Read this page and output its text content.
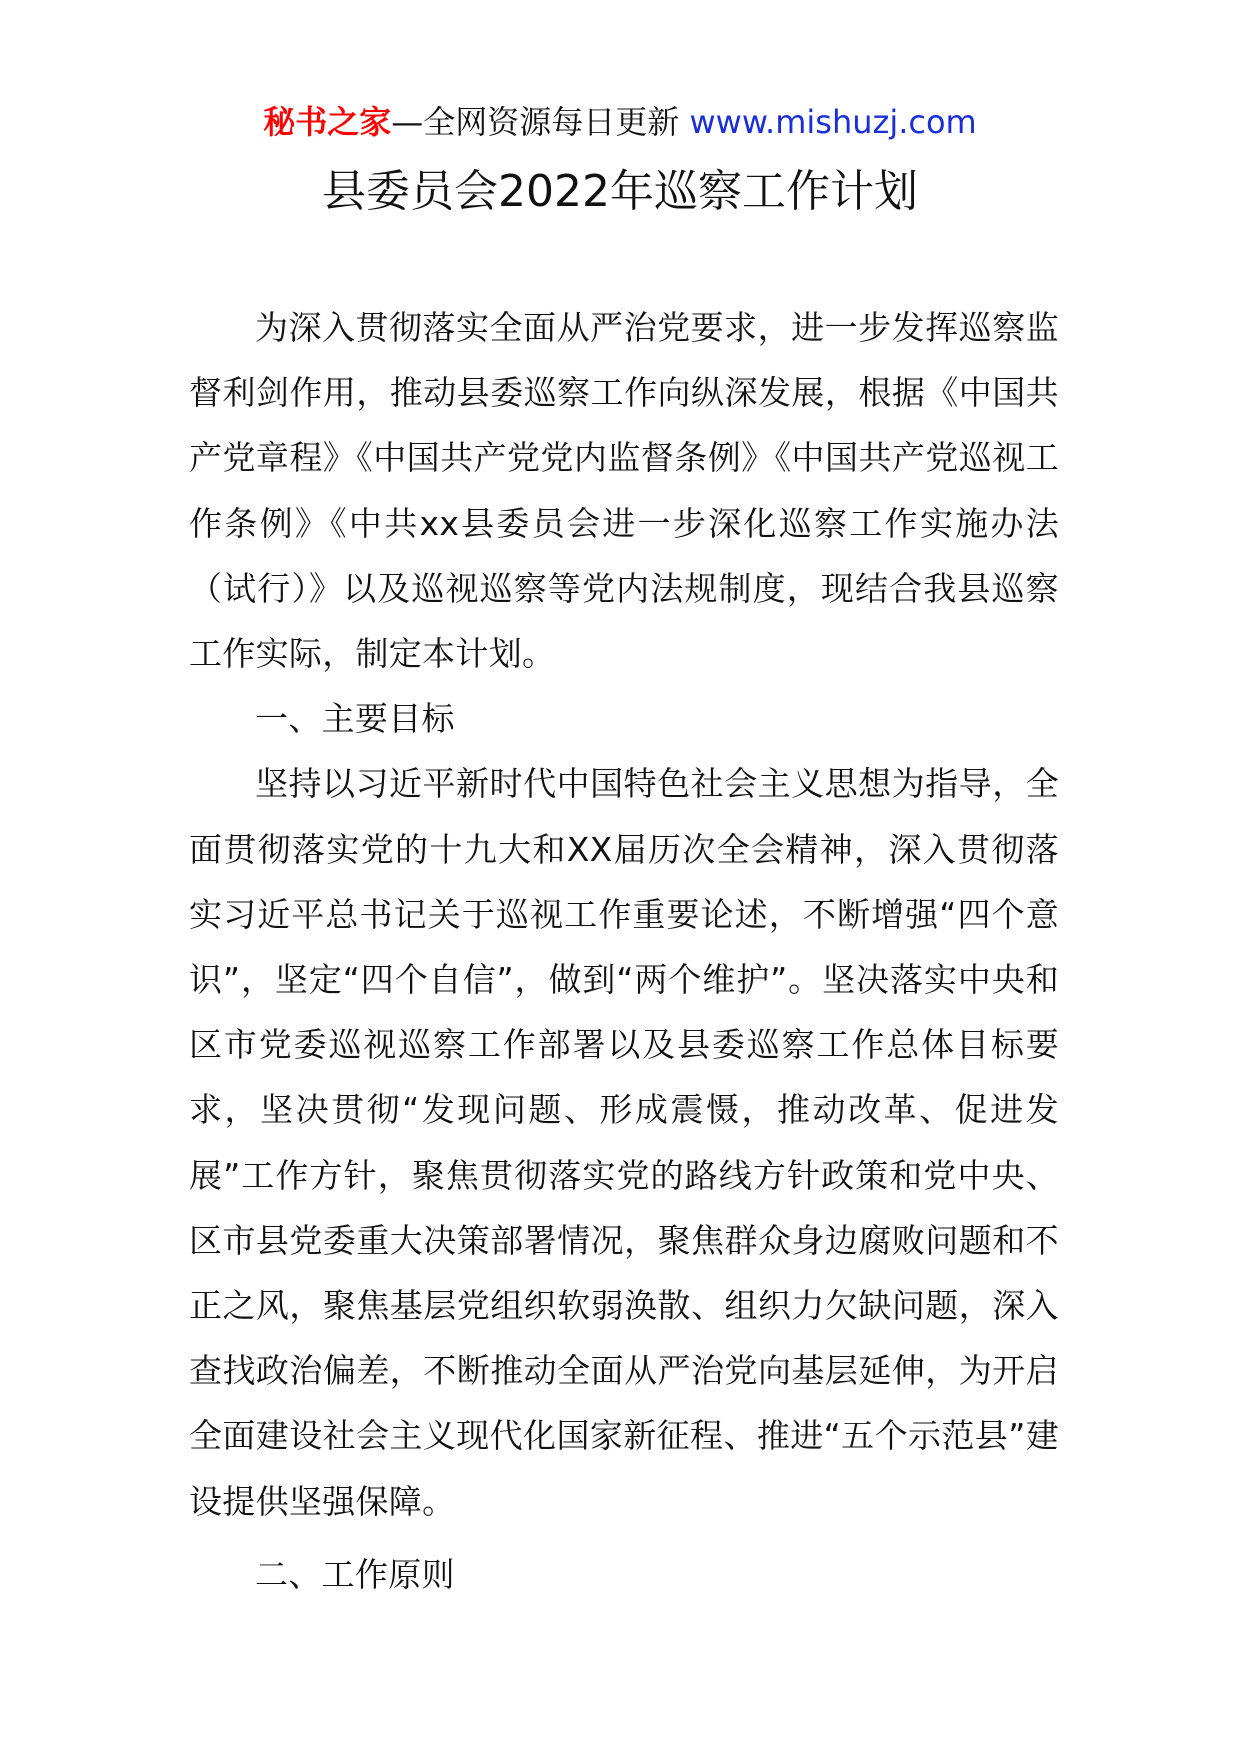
秘书之家—全网资源每日更新 www.mishuzj.com
县委员会2022年巡察工作计划

为深入贯彻落实全面从严治党要求，进一步发挥巡察监督利剑作用，推动县委巡察工作向纵深发展，根据《中国共产党章程》《中国共产党党内监督条例》《中国共产党巡视工作条例》《中共xx县委员会进一步深化巡察工作实施办法（试行）》以及巡视巡察等党内法规制度，现结合我县巡察工作实际，制定本计划。

一、主要目标

坚持以习近平新时代中国特色社会主义思想为指导，全面贯彻落实党的十九大和XX届历次全会精神，深入贯彻落实习近平总书记关于巡视工作重要论述，不断增强“四个意识”，坚定“四个自信”，做到“两个维护”。坚决落实中央和区市党委巡视巡察工作部署以及县委巡察工作总体目标要求，坚决贯彻“发现问题、形成震慑，推动改革、促进发展”工作方针，聚焦贯彻落实党的路线方针政策和党中央、区市县党委重大决策部署情况，聚焦群众身边腐败问题和不正之风，聚焦基层党组织软弱涣散、组织力欠缺问题，深入查找政治偏差，不断推动全面从严治党向基层延伸，为开启全面建设社会主义现代化国家新征程、推进“五个示范县”建设提供坚强保障。

二、工作原则
